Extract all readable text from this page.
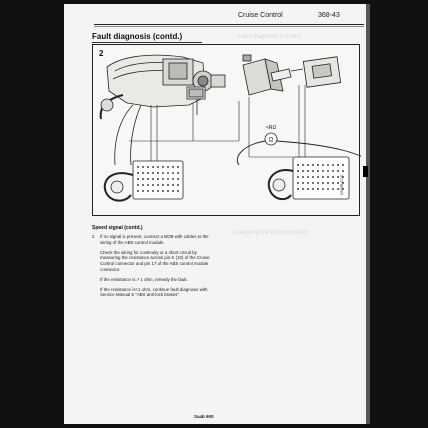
Cruise Control	368-43
Fault diagnosis (contd.)
Checking the CRUISE lamp
Fault diagnosis (contd.)
2
Ω
<RΩ
CB98R 0170
Speed signal (contd.)
2	If no signal is present, connect a BOB with cables to the wiring of the ABS control module.

Check the wiring for continuity or a short circuit by measuring the resistance across pin K (10) of the Cruise Control connector and pin 17 of the ABS control module connector.

If the resistance is > 1 ohm, remedy the fault.

If the resistance is<1 ohm, continue fault diagnosis with Service Manual 5 "ABS anti-lock brakes"

Saab 900
